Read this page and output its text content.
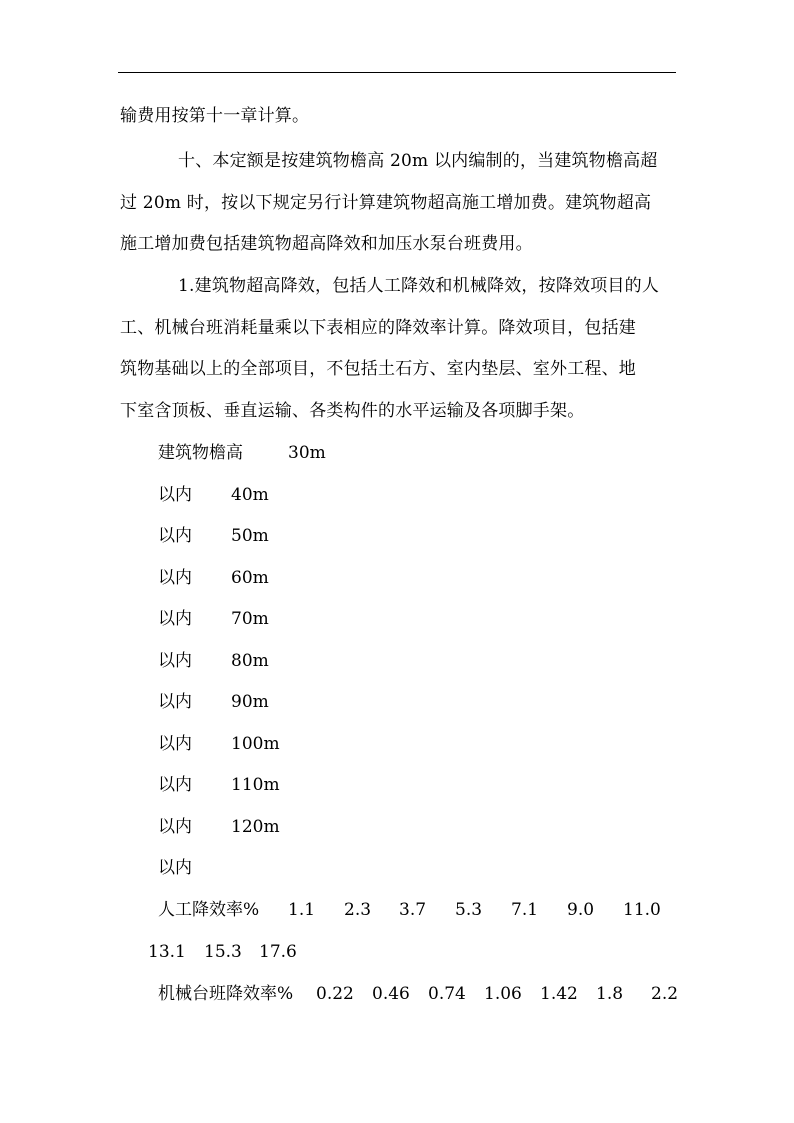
输费用按第十一章计算。
十、本定额是按建筑物檐高 20m 以内编制的，当建筑物檐高超
过 20m 时，按以下规定另行计算建筑物超高施工增加费。建筑物超高
施工增加费包括建筑物超高降效和加压水泵台班费用。
1.建筑物超高降效，包括人工降效和机械降效，按降效项目的人
工、机械台班消耗量乘以下表相应的降效率计算。降效项目，包括建
筑物基础以上的全部项目，不包括土石方、室内垫层、室外工程、地
下室含顶板、垂直运输、各类构件的水平运输及各项脚手架。
建筑物檐高	30m
以内 40m
以内 50m
以内 60m
以内 70m
以内 80m
以内 90m
以内 100m
以内 110m
以内 120m
以内
人工降效率% 1.1 2.3 3.7 5.3 7.1 9.0 11.0
13.1 15.3 17.6
机械台班降效率% 0.22 0.46 0.74 1.06 1.42 1.8 2.2
